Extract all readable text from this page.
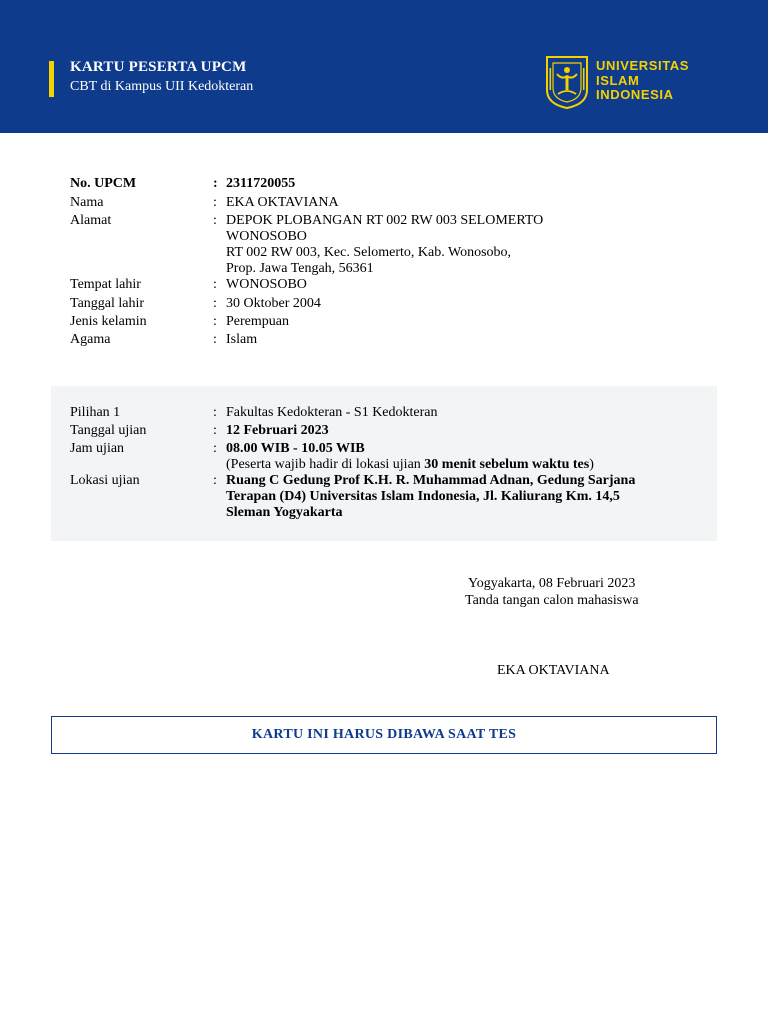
KARTU PESERTA UPCM
CBT di Kampus UII Kedokteran
UNIVERSITAS
ISLAM
INDONESIA
No. UPCM	: 2311720055
Nama	: EKA OKTAVIANA
Alamat	: DEPOK PLOBANGAN RT 002 RW 003 SELOMERTO
WONOSOBO
RT 002 RW 003, Kec. Selomerto, Kab. Wonosobo,
Prop. Jawa Tengah, 56361
Tempat lahir	: WONOSOBO
Tanggal lahir	: 30 Oktober 2004
Jenis kelamin	: Perempuan
Agama	: Islam
Pilihan 1	: Fakultas Kedokteran - S1 Kedokteran
Tanggal ujian	: 12 Februari 2023
Jam ujian	: 08.00 WIB - 10.05 WIB
(Peserta wajib hadir di lokasi ujian 30 menit sebelum waktu tes)
Lokasi ujian	: Ruang C Gedung Prof K.H. R. Muhammad Adnan, Gedung Sarjana
Terapan (D4) Universitas Islam Indonesia, Jl. Kaliurang Km. 14,5
Sleman Yogyakarta
Yogyakarta, 08 Februari 2023
Tanda tangan calon mahasiswa
EKA OKTAVIANA
KARTU INI HARUS DIBAWA SAAT TES
